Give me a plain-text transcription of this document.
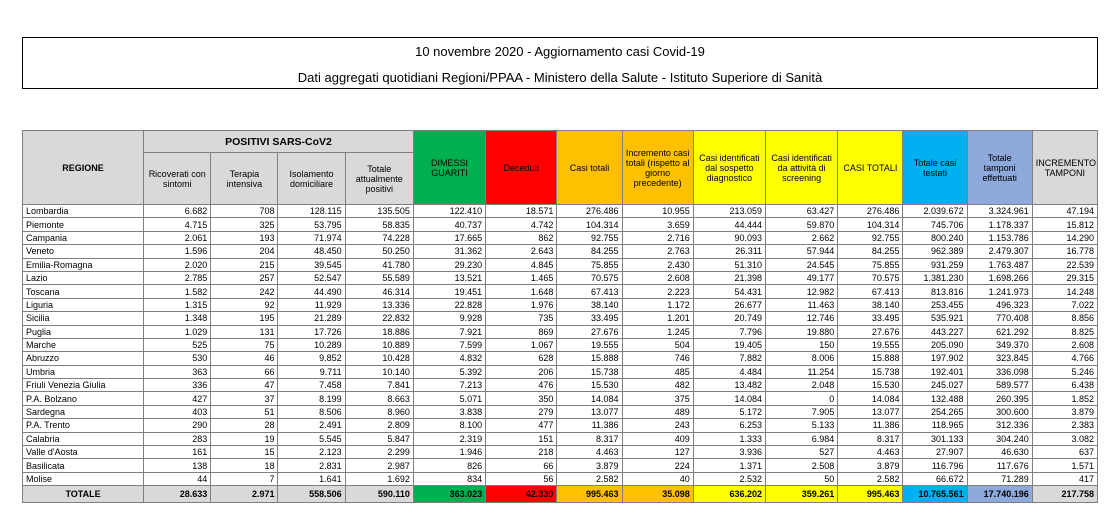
10 novembre 2020 - Aggiornamento casi Covid-19
Dati aggregati quotidiani Regioni/PPAA - Ministero della Salute - Istituto Superiore di Sanità
REGIONE	POSITIVI SARS-CoV2				DIMESSI GUARITI	Deceduti	Casi totali	Incremento casi totali (rispetto al giorno precedente)	Casi identificati dal sospetto diagnostico	Casi identificati da attività di screening	CASI TOTALI	Totale casi testati	Totale tamponi effettuati	INCREMENTO TAMPONI
	Ricoverati con sintomi	Terapia intensiva	Isolamento domiciliare	Totale attualmente positivi										
Lombardia	6.682	708	128.115	135.505	122.410	18.571	276.486	10.955	213.059	63.427	276.486	2.039.672	3.324.961	47.194
Piemonte	4.715	325	53.795	58.835	40.737	4.742	104.314	3.659	44.444	59.870	104.314	745.706	1.178.337	15.812
Campania	2.061	193	71.974	74.228	17.665	862	92.755	2.716	90.093	2.662	92.755	800.240	1.153.786	14.290
Veneto	1.596	204	48.450	50.250	31.362	2.643	84.255	2.763	26.311	57.944	84.255	962.389	2.479.307	16.778
Emilia-Romagna	2.020	215	39.545	41.780	29.230	4.845	75.855	2.430	51.310	24.545	75.855	931.259	1.763.487	22.539
Lazio	2.785	257	52.547	55.589	13.521	1.465	70.575	2.608	21.398	49.177	70.575	1.381.230	1.698.266	29.315
Toscana	1.582	242	44.490	46.314	19.451	1.648	67.413	2.223	54.431	12.982	67.413	813.816	1.241.973	14.248
Liguria	1.315	92	11.929	13.336	22.828	1.976	38.140	1.172	26.677	11.463	38.140	253.455	496.323	7.022
Sicilia	1.348	195	21.289	22.832	9.928	735	33.495	1.201	20.749	12.746	33.495	535.921	770.408	8.856
Puglia	1.029	131	17.726	18.886	7.921	869	27.676	1.245	7.796	19.880	27.676	443.227	621.292	8.825
Marche	525	75	10.289	10.889	7.599	1.067	19.555	504	19.405	150	19.555	205.090	349.370	2.608
Abruzzo	530	46	9.852	10.428	4.832	628	15.888	746	7.882	8.006	15.888	197.902	323.845	4.766
Umbria	363	66	9.711	10.140	5.392	206	15.738	485	4.484	11.254	15.738	192.401	336.098	5.246
Friuli Venezia Giulia	336	47	7.458	7.841	7.213	476	15.530	482	13.482	2.048	15.530	245.027	589.577	6.438
P.A. Bolzano	427	37	8.199	8.663	5.071	350	14.084	375	14.084	0	14.084	132.488	260.395	1.852
Sardegna	403	51	8.506	8.960	3.838	279	13.077	489	5.172	7.905	13.077	254.265	300.600	3.879
P.A. Trento	290	28	2.491	2.809	8.100	477	11.386	243	6.253	5.133	11.386	118.965	312.336	2.383
Calabria	283	19	5.545	5.847	2.319	151	8.317	409	1.333	6.984	8.317	301.133	304.240	3.082
Valle d'Aosta	161	15	2.123	2.299	1.946	218	4.463	127	3.936	527	4.463	27.907	46.630	637
Basilicata	138	18	2.831	2.987	826	66	3.879	224	1.371	2.508	3.879	116.796	117.676	1.571
Molise	44	7	1.641	1.692	834	56	2.582	40	2.532	50	2.582	66.672	71.289	417
TOTALE	28.633	2.971	558.506	590.110	363.023	42.330	995.463	35.098	636.202	359.261	995.463	10.765.561	17.740.196	217.758
